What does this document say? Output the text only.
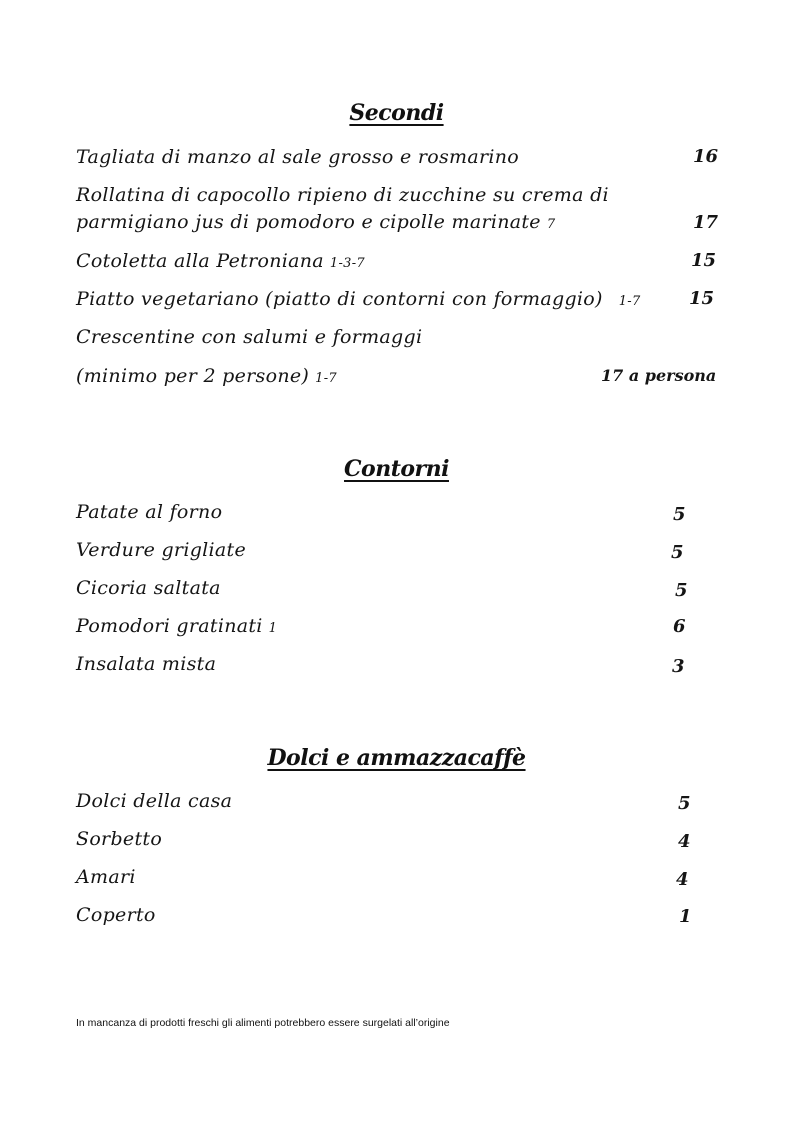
Secondi
Tagliata di manzo al sale grosso e rosmarino	16
Rollatina di capocollo ripieno di zucchine su crema di
parmigiano jus di pomodoro e cipolle marinate 7	17
Cotoletta alla Petroniana 1-3-7	15
Piatto vegetariano (piatto di contorni con formaggio) 1-7	15
Crescentine con salumi e formaggi
(minimo per 2 persone) 1-7	17 a persona
Contorni
Patate al forno	5
Verdure grigliate	5
Cicoria saltata	5
Pomodori gratinati 1	6
Insalata mista	3
Dolci e ammazzacaffè
Dolci della casa	5
Sorbetto	4
Amari	4
Coperto	1
In mancanza di prodotti freschi gli alimenti potrebbero essere surgelati all’origine
